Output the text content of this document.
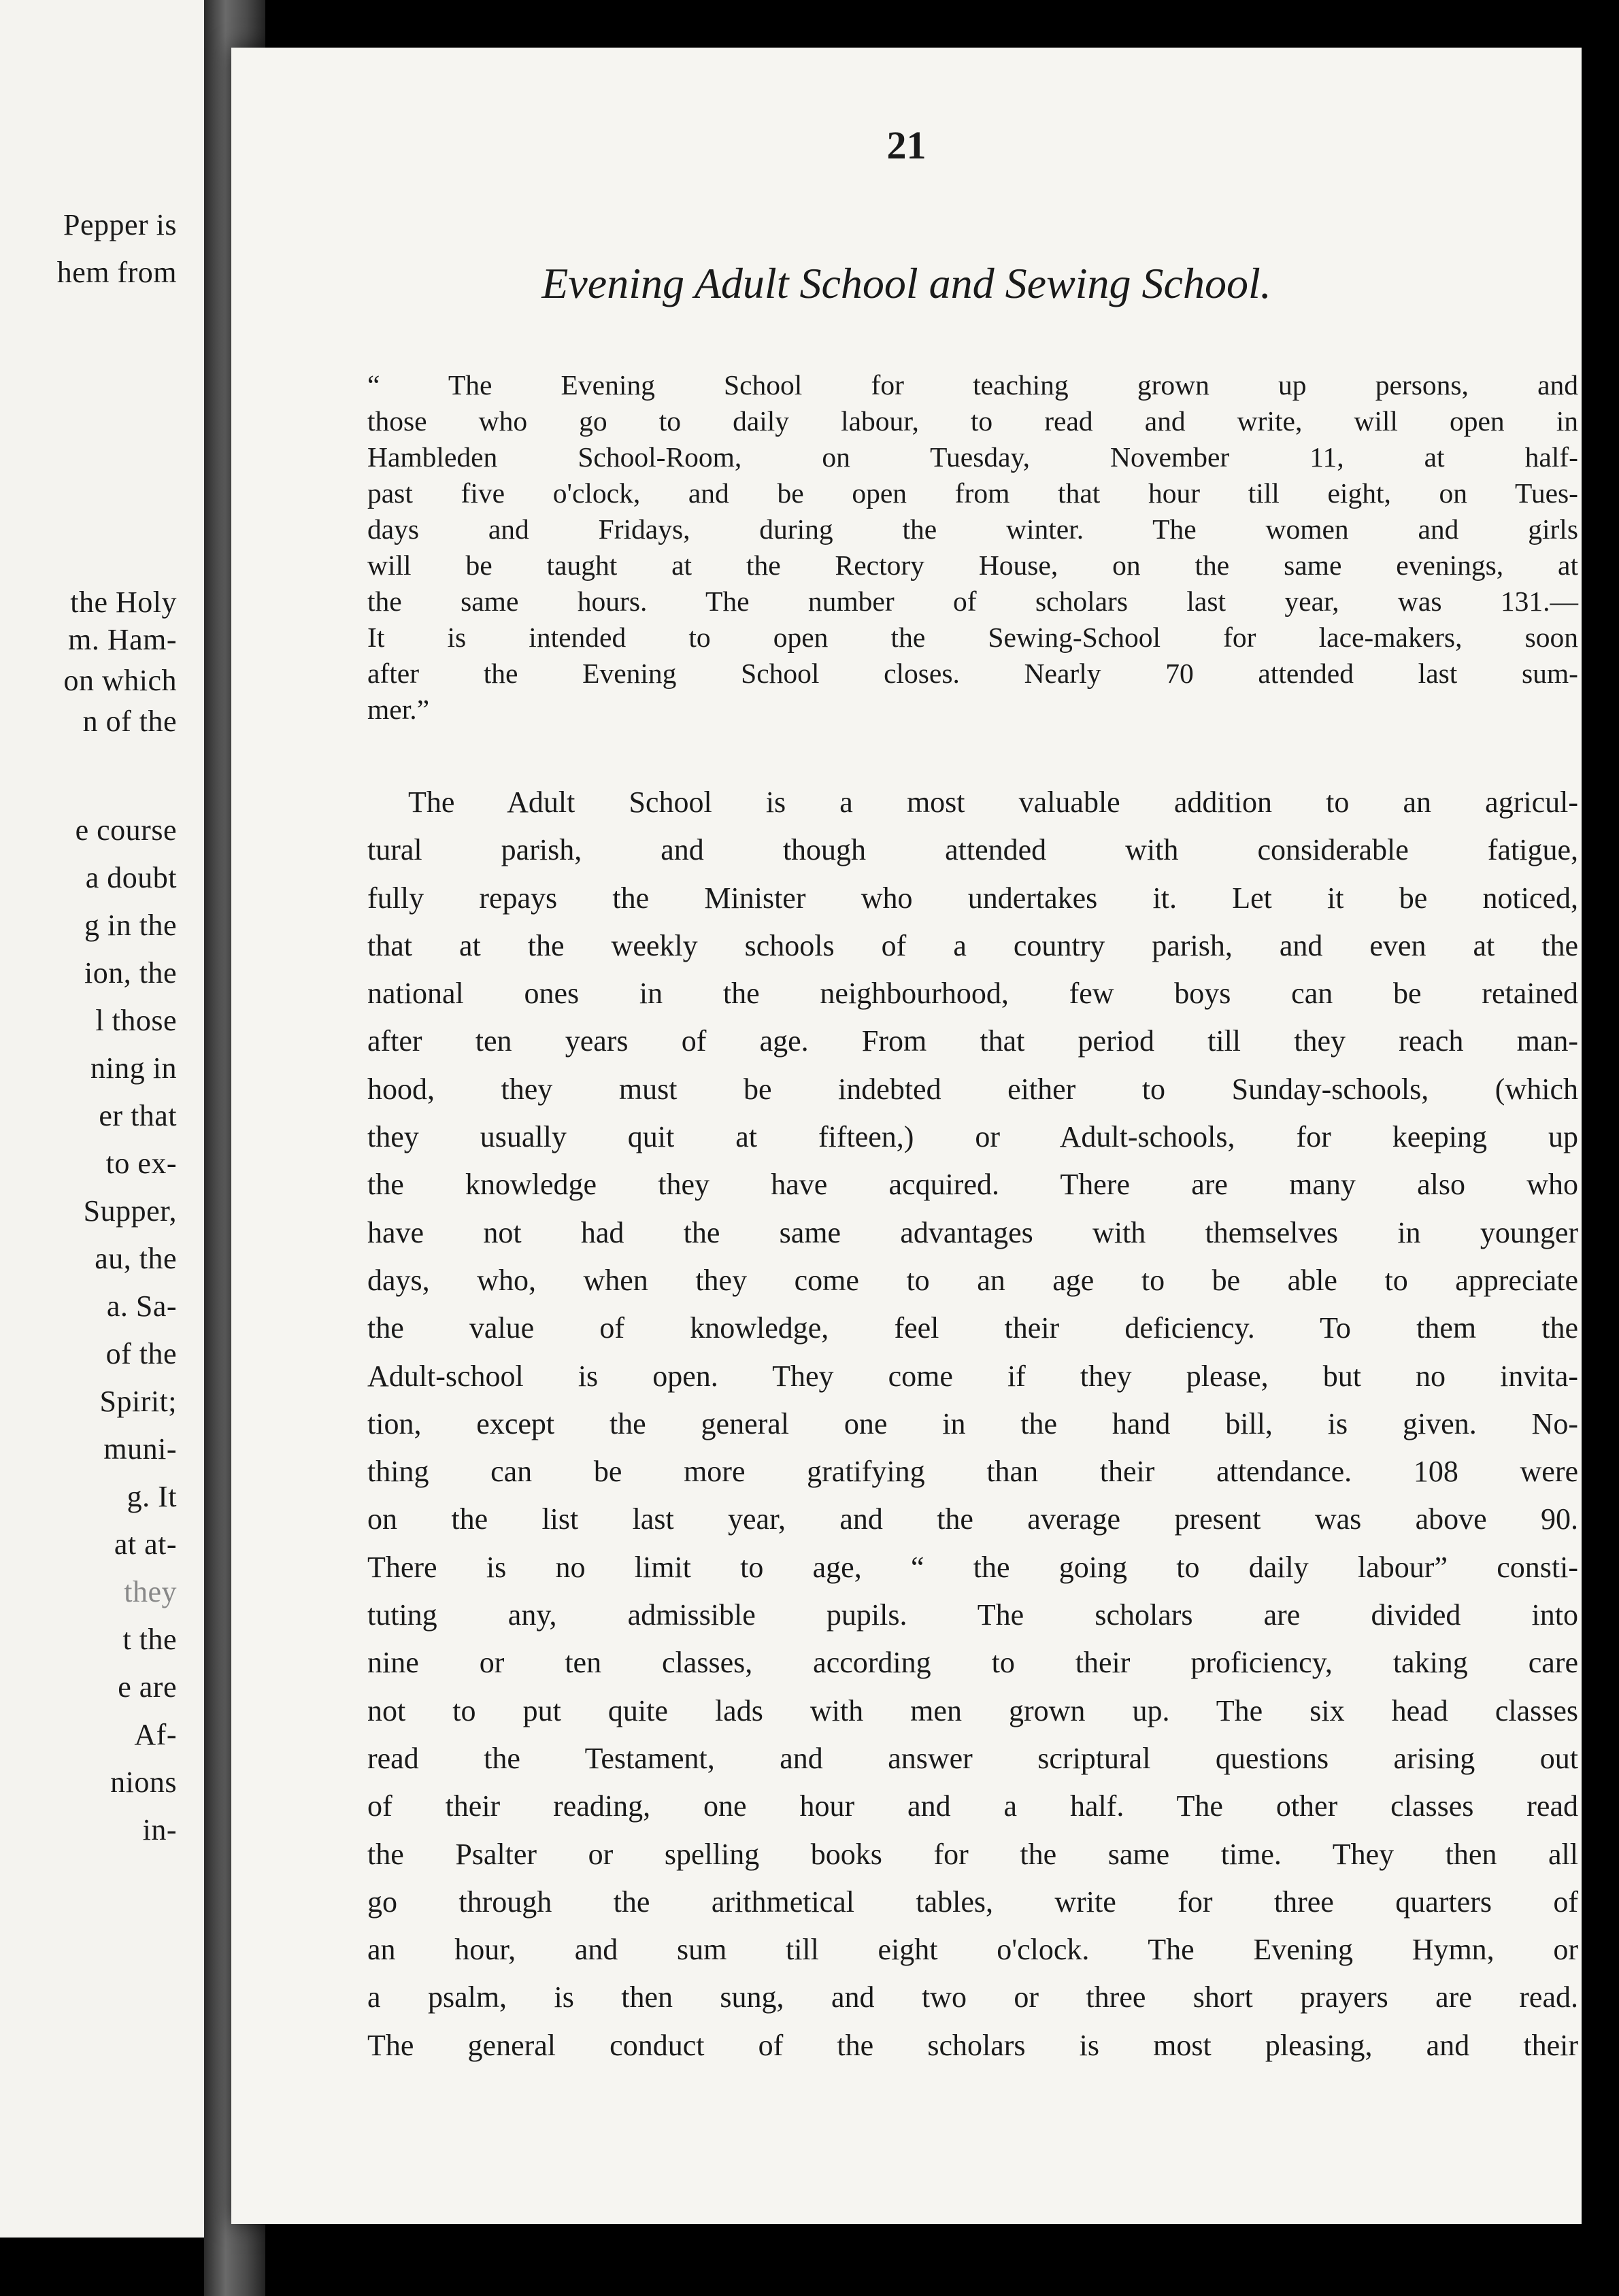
Pepper is
hem from
the Holy
m. Ham-
on which
n of the
e course
a doubt
g in the
ion, the
l those
ning in
er that
to ex-
Supper,
au, the
a. Sa-
of the
Spirit;
muni-
g. It
at at-
they
t the
e are
Af-
nions
in-
21
Evening Adult School and Sewing School.
“ The Evening School for teaching grown up persons, and
those who go to daily labour, to read and write, will open in
Hambleden School-Room, on Tuesday, November 11, at half-
past five o'clock, and be open from that hour till eight, on Tues-
days and Fridays, during the winter. The women and girls
will be taught at the Rectory House, on the same evenings, at
the same hours. The number of scholars last year, was 131.—
It is intended to open the Sewing-School for lace-makers, soon
after the Evening School closes. Nearly 70 attended last sum-
mer.”
The Adult School is a most valuable addition to an agricul-
tural parish, and though attended with considerable fatigue,
fully repays the Minister who undertakes it. Let it be noticed,
that at the weekly schools of a country parish, and even at the
national ones in the neighbourhood, few boys can be retained
after ten years of age. From that period till they reach man-
hood, they must be indebted either to Sunday-schools, (which
they usually quit at fifteen,) or Adult-schools, for keeping up
the knowledge they have acquired. There are many also who
have not had the same advantages with themselves in younger
days, who, when they come to an age to be able to appreciate
the value of knowledge, feel their deficiency. To them the
Adult-school is open. They come if they please, but no invita-
tion, except the general one in the hand bill, is given. No-
thing can be more gratifying than their attendance. 108 were
on the list last year, and the average present was above 90.
There is no limit to age, “ the going to daily labour” consti-
tuting any, admissible pupils. The scholars are divided into
nine or ten classes, according to their proficiency, taking care
not to put quite lads with men grown up. The six head classes
read the Testament, and answer scriptural questions arising out
of their reading, one hour and a half. The other classes read
the Psalter or spelling books for the same time. They then all
go through the arithmetical tables, write for three quarters of
an hour, and sum till eight o'clock. The Evening Hymn, or
a psalm, is then sung, and two or three short prayers are read.
The general conduct of the scholars is most pleasing, and their
